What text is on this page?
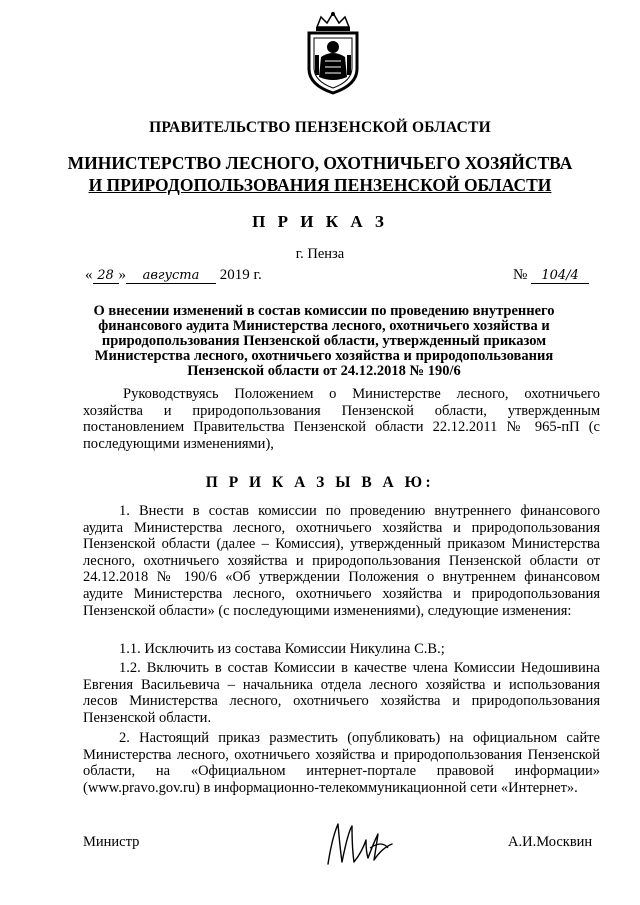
ПРАВИТЕЛЬСТВО ПЕНЗЕНСКОЙ ОБЛАСТИ
МИНИСТЕРСТВО ЛЕСНОГО, ОХОТНИЧЬЕГО ХОЗЯЙСТВА
И ПРИРОДОПОЛЬЗОВАНИЯ ПЕНЗЕНСКОЙ ОБЛАСТИ
П Р И К А З
г. Пенза
« 28 » августа 2019 г.	№ 104/4
О внесении изменений в состав комиссии по проведению внутреннего финансового аудита Министерства лесного, охотничьего хозяйства и природопользования Пензенской области, утвержденный приказом Министерства лесного, охотничьего хозяйства и природопользования Пензенской области от 24.12.2018 № 190/6
Руководствуясь Положением о Министерстве лесного, охотничьего хозяйства и природопользования Пензенской области, утвержденным постановлением Правительства Пензенской области 22.12.2011 № 965-пП (с последующими изменениями),
П Р И К А З Ы В А Ю:
1. Внести в состав комиссии по проведению внутреннего финансового аудита Министерства лесного, охотничьего хозяйства и природопользования Пензенской области (далее – Комиссия), утвержденный приказом Министерства лесного, охотничьего хозяйства и природопользования Пензенской области от 24.12.2018 № 190/6 «Об утверждении Положения о внутреннем финансовом аудите Министерства лесного, охотничьего хозяйства и природопользования Пензенской области» (с последующими изменениями), следующие изменения:
1.1. Исключить из состава Комиссии Никулина С.В.;
1.2. Включить в состав Комиссии в качестве члена Комиссии Недошивина Евгения Васильевича – начальника отдела лесного хозяйства и использования лесов Министерства лесного, охотничьего хозяйства и природопользования Пензенской области.
2. Настоящий приказ разместить (опубликовать) на официальном сайте Министерства лесного, охотничьего хозяйства и природопользования Пензенской области, на «Официальном интернет-портале правовой информации» (www.pravo.gov.ru) в информационно-телекоммуникационной сети «Интернет».
Министр	А.И.Москвин
